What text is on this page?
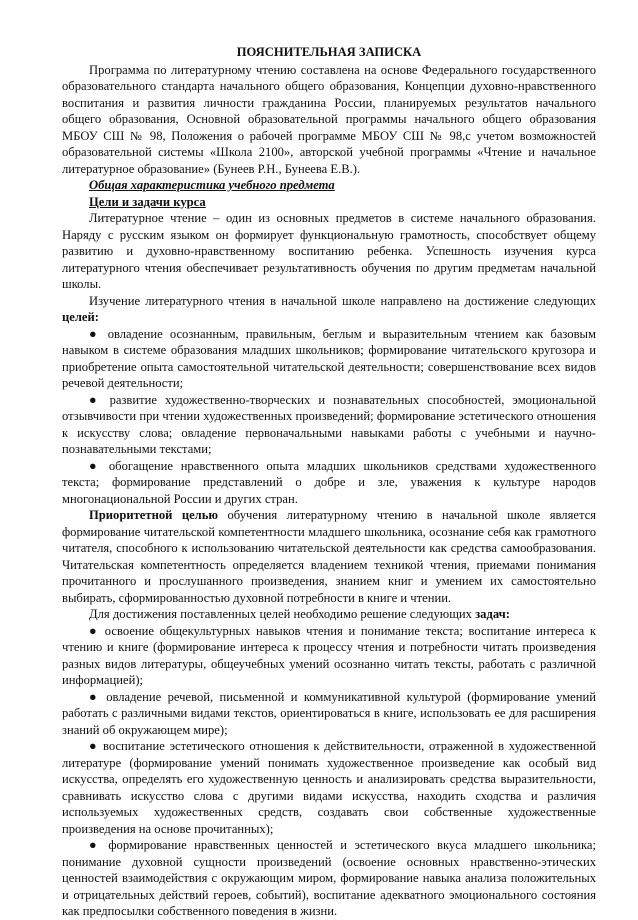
ПОЯСНИТЕЛЬНАЯ ЗАПИСКА

Программа по литературному чтению составлена на основе Федерального государственного образовательного стандарта начального общего образования, Концепции духовно-нравственного воспитания и развития личности гражданина России, планируемых результатов начального общего образования, Основной образовательной программы начального общего образования МБОУ СШ № 98, Положения о рабочей программе МБОУ СШ № 98,с учетом возможностей образовательной системы «Школа 2100», авторской учебной программы «Чтение и начальное литературное образование» (Бунеев Р.Н., Бунеева Е.В.).

Общая характеристика учебного предмета

Цели и задачи курса

Литературное чтение – один из основных предметов в системе начального образования. Наряду с русским языком он формирует функциональную грамотность, способствует общему развитию и духовно-нравственному воспитанию ребенка. Успешность изучения курса литературного чтения обеспечивает результативность обучения по другим предметам начальной школы.

Изучение литературного чтения в начальной школе направлено на достижение следующих целей:

● овладение осознанным, правильным, беглым и выразительным чтением как базовым навыком в системе образования младших школьников; формирование читательского кругозора и приобретение опыта самостоятельной читательской деятельности; совершенствование всех видов речевой деятельности;

● развитие художественно-творческих и познавательных способностей, эмоциональной отзывчивости при чтении художественных произведений; формирование эстетического отношения к искусству слова; овладение первоначальными навыками работы с учебными и научно-познавательными текстами;

● обогащение нравственного опыта младших школьников средствами художественного текста; формирование представлений о добре и зле, уважения к культуре народов многонациональной России и других стран.

Приоритетной целью обучения литературному чтению в начальной школе является формирование читательской компетентности младшего школьника, осознание себя как грамотного читателя, способного к использованию читательской деятельности как средства самообразования. Читательская компетентность определяется владением техникой чтения, приемами понимания прочитанного и прослушанного произведения, знанием книг и умением их самостоятельно выбирать, сформированностью духовной потребности в книге и чтении.

Для достижения поставленных целей необходимо решение следующих задач:

● освоение общекультурных навыков чтения и понимание текста; воспитание интереса к чтению и книге (формирование интереса к процессу чтения и потребности читать произведения разных видов литературы, общеучебных умений осознанно читать тексты, работать с различной информацией);

● овладение речевой, письменной и коммуникативной культурой (формирование умений работать с различными видами текстов, ориентироваться в книге, использовать ее для расширения знаний об окружающем мире);

● воспитание эстетического отношения к действительности, отраженной в художественной литературе (формирование умений понимать художественное произведение как особый вид искусства, определять его художественную ценность и анализировать средства выразительности, сравнивать искусство слова с другими видами искусства, находить сходства и различия используемых художественных средств, создавать свои собственные художественные произведения на основе прочитанных);

● формирование нравственных ценностей и эстетического вкуса младшего школьника; понимание духовной сущности произведений (освоение основных нравственно-этических ценностей взаимодействия с окружающим миром, формирование навыка анализа положительных и отрицательных действий героев, событий), воспитание адекватного эмоционального состояния как предпосылки собственного поведения в жизни.
